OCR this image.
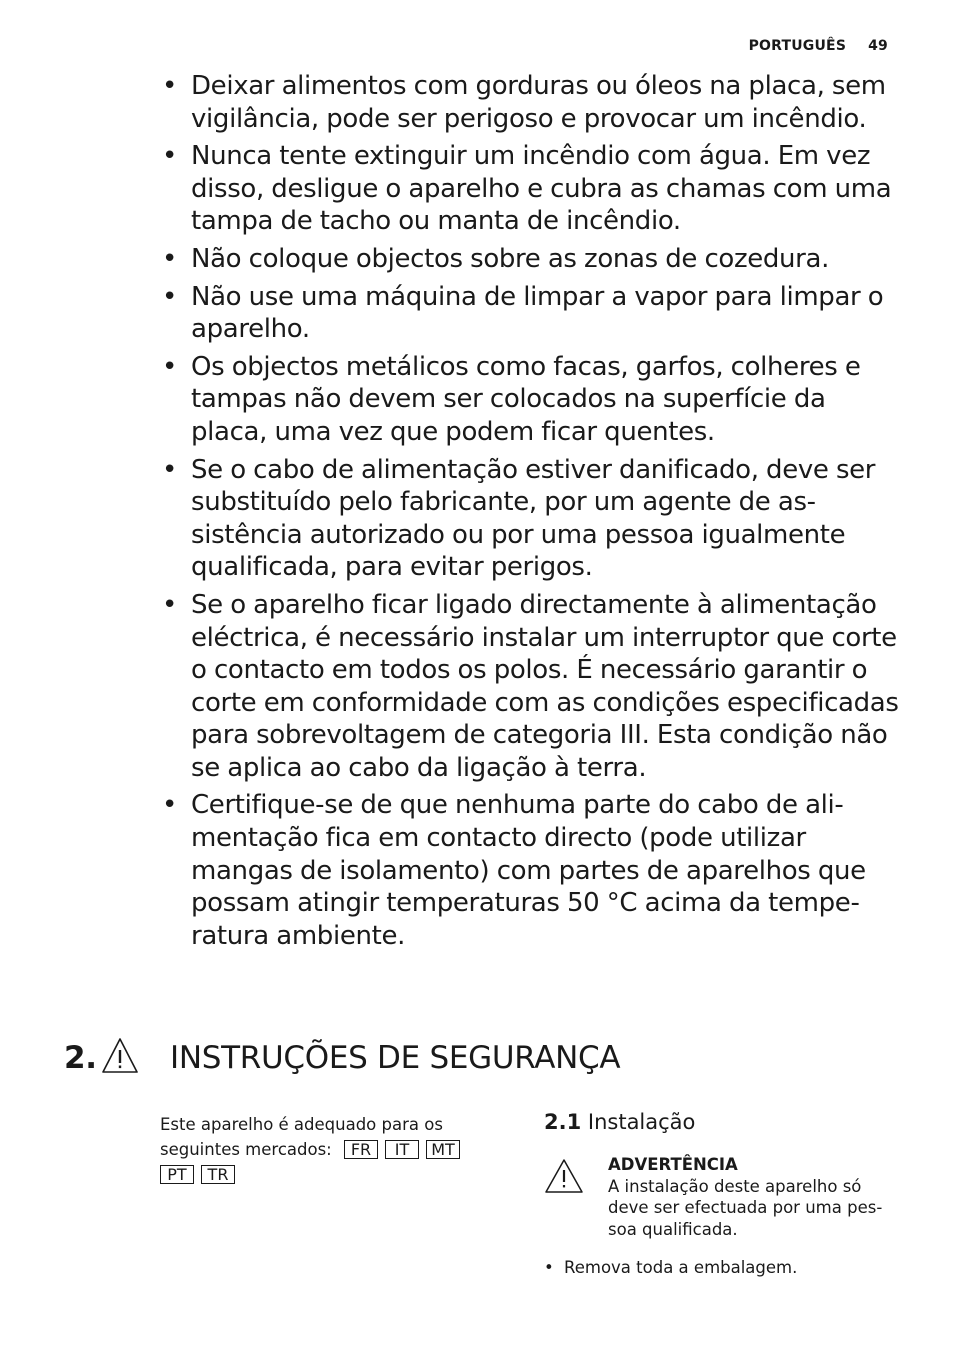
PORTUGUÊS 49
• Deixar alimentos com gorduras ou óleos na placa, sem vigilância, pode ser perigoso e provocar um incêndio.
• Nunca tente extinguir um incêndio com água. Em vez disso, desligue o aparelho e cubra as chamas com uma tampa de tacho ou manta de incêndio.
• Não coloque objectos sobre as zonas de cozedura.
• Não use uma máquina de limpar a vapor para limpar o aparelho.
• Os objectos metálicos como facas, garfos, colheres e tampas não devem ser colocados na superfície da placa, uma vez que podem ficar quentes.
• Se o cabo de alimentação estiver danificado, deve ser substituído pelo fabricante, por um agente de assistência autorizado ou por uma pessoa igualmente qualificada, para evitar perigos.
• Se o aparelho ficar ligado directamente à alimentação eléctrica, é necessário instalar um interruptor que corte o contacto em todos os polos. É necessário garantir o corte em conformidade com as condições especificadas para sobrevoltagem de categoria III. Esta condição não se aplica ao cabo da ligação à terra.
• Certifique-se de que nenhuma parte do cabo de alimentação fica em contacto directo (pode utilizar mangas de isolamento) com partes de aparelhos que possam atingir temperaturas 50 °C acima da temperatura ambiente.
2. INSTRUÇÕES DE SEGURANÇA
Este aparelho é adequado para os seguintes mercados: FR IT MT
PT TR
2.1 Instalação
ADVERTÊNCIA
A instalação deste aparelho só deve ser efectuada por uma pessoa qualificada.
• Remova toda a embalagem.
